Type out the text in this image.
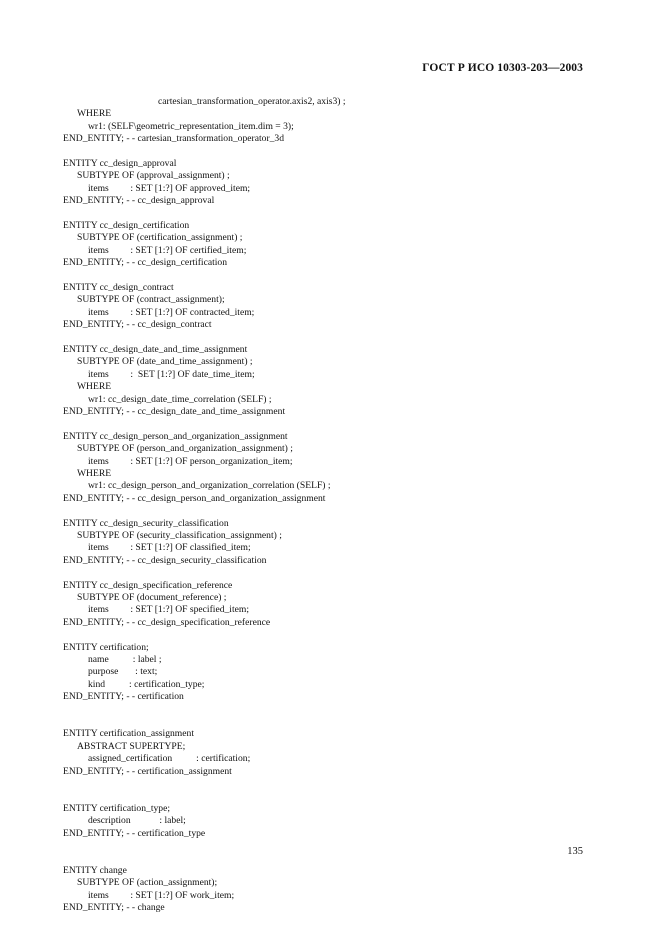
ГОСТ Р ИСО 10303-203—2003
cartesian_transformation_operator.axis2, axis3) ;
WHERE
wr1: (SELF\geometric_representation_item.dim = 3);
END_ENTITY; - - cartesian_transformation_operator_3d
ENTITY cc_design_approval
SUBTYPE OF (approval_assignment) ;
items         : SET [1:?] OF approved_item;
END_ENTITY; - - cc_design_approval
ENTITY cc_design_certification
SUBTYPE OF (certification_assignment) ;
items         : SET [1:?] OF certified_item;
END_ENTITY; - - cc_design_certification
ENTITY cc_design_contract
SUBTYPE OF (contract_assignment);
items         : SET [1:?] OF contracted_item;
END_ENTITY; - - cc_design_contract
ENTITY cc_design_date_and_time_assignment
SUBTYPE OF (date_and_time_assignment) ;
items         :  SET [1:?] OF date_time_item;
WHERE
wr1: cc_design_date_time_correlation (SELF) ;
END_ENTITY; - - cc_design_date_and_time_assignment
ENTITY cc_design_person_and_organization_assignment
SUBTYPE OF (person_and_organization_assignment) ;
items         : SET [1:?] OF person_organization_item;
WHERE
wr1: cc_design_person_and_organization_correlation (SELF) ;
END_ENTITY; - - cc_design_person_and_organization_assignment
ENTITY cc_design_security_classification
SUBTYPE OF (security_classification_assignment) ;
items         : SET [1:?] OF classified_item;
END_ENTITY; - - cc_design_security_classification
ENTITY cc_design_specification_reference
SUBTYPE OF (document_reference) ;
items         : SET [1:?] OF specified_item;
END_ENTITY; - - cc_design_specification_reference
ENTITY certification;
name          : label ;
purpose       : text;
kind          : certification_type;
END_ENTITY; - - certification
ENTITY certification_assignment
ABSTRACT SUPERTYPE;
assigned_certification          : certification;
END_ENTITY; - - certification_assignment
ENTITY certification_type;
description            : label;
END_ENTITY; - - certification_type
ENTITY change
SUBTYPE OF (action_assignment);
items         : SET [1:?] OF work_item;
END_ENTITY; - - change
135
